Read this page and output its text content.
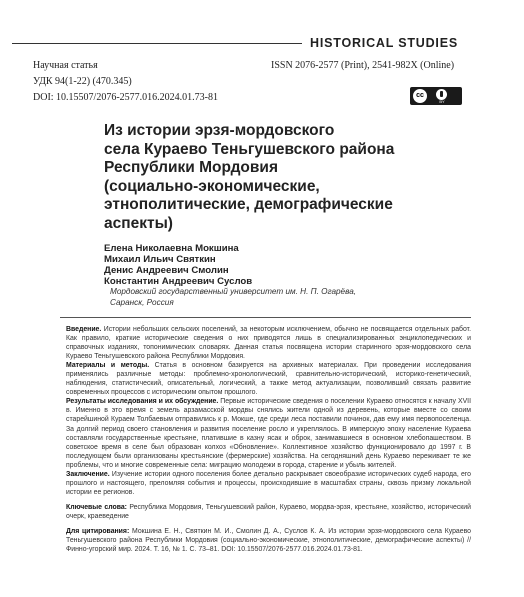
HISTORICAL STUDIES
Научная статья
УДК 94(1-22) (470.345)
DOI: 10.15507/2076-2577.016.2024.01.73-81
ISSN 2076-2577 (Print), 2541-982X (Online)
cc
BY
Из истории эрзя-мордовского
села Кураево Теньгушевского района
Республики Мордовия
(социально-экономические,
этнополитические, демографические
аспекты)
Елена Николаевна Мокшина
Михаил Ильич Святкин
Денис Андреевич Смолин
Константин Андреевич Суслов
Мордовский государственный университет им. Н. П. Огарёва,
Саранск, Россия

Введение. Истории небольших сельских поселений, за некоторым исключением, обычно не посвящается отдельных работ. Как правило, краткие исторические сведения о них приводятся лишь в специализированных энциклопедических и справочных изданиях, топонимических словарях. Данная статья посвящена истории старинного эрзя-мордовского села Кураево Теньгушевского района Республики Мордовия.

Материалы и методы. Статья в основном базируется на архивных материалах. При проведении исследования применялись различные методы: проблемно-хронологический, сравнительно-исторический, историко-генетический, наблюдения, статистический, описательный, логический, а также метод актуализации, позволивший связать развитие современных процессов с историческим опытом прошлого.

Результаты исследования и их обсуждение. Первые исторические сведения о поселении Кураево относятся к началу XVII в. Именно в это время с земель арзамасской мордвы снялись жители одной из деревень, которые вместе со своим старейшиной Кураем Толбаевым отправились к р. Мокше, где среди леса поставили починок, дав ему имя первопоселенца. За долгий период своего становления и развития поселение росло и укреплялось. В имперскую эпоху население Кураева составляли государственные крестьяне, платившие в казну ясак и оброк, занимавшиеся в основном хлебопашеством. В советское время в селе был образован колхоз «Обновление». Коллективное хозяйство функционировало до 1997 г. В последующем были организованы крестьянские (фермерские) хозяйства. На сегодняшний день Кураево переживает те же проблемы, что и многие современные села: миграцию молодежи в города, старение и убыль жителей.

Заключение. Изучение истории одного поселения более детально раскрывает своеобразие исторических судеб народа, его прошлого и настоящего, преломляя события и процессы, происходившие в масштабах страны, сквозь призму локальной истории ее регионов.

Ключевые слова: Республика Мордовия, Теньгушевский район, Кураево, мордва-эрзя, крестьяне, хозяйство, исторический очерк, краеведение

Для цитирования: Мокшина Е. Н., Святкин М. И., Смолин Д. А., Суслов К. А. Из истории эрзя-мордовского села Кураево Теньгушевского района Республики Мордовия (социально-экономические, этнополитические, демографические аспекты) // Финно-угорский мир. 2024. Т. 16, № 1. С. 73–81. DOI: 10.15507/2076-2577.016.2024.01.73-81.
